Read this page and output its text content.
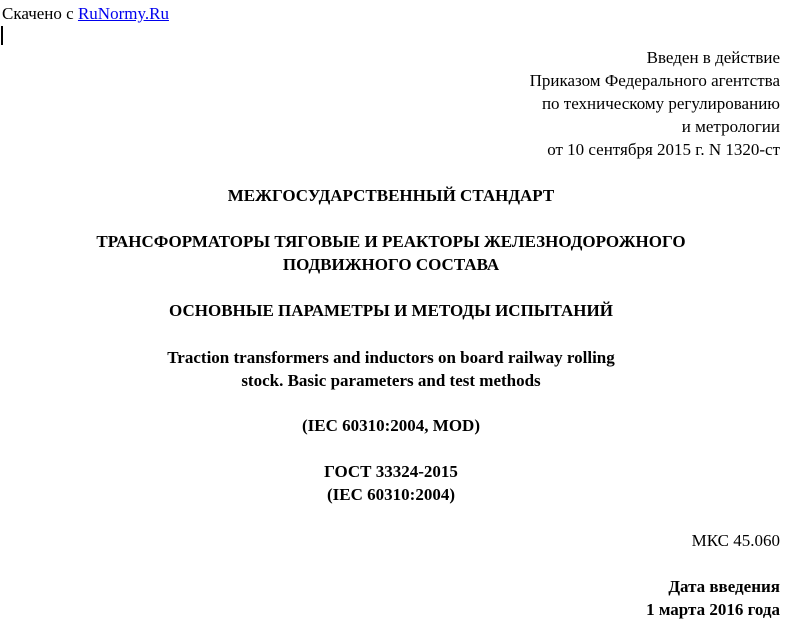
Скачено с RuNormy.Ru
Введен в действие
Приказом Федерального агентства
по техническому регулированию
и метрологии
от 10 сентября 2015 г. N 1320-ст
МЕЖГОСУДАРСТВЕННЫЙ СТАНДАРТ
ТРАНСФОРМАТОРЫ ТЯГОВЫЕ И РЕАКТОРЫ ЖЕЛЕЗНОДОРОЖНОГО
ПОДВИЖНОГО СОСТАВА
ОСНОВНЫЕ ПАРАМЕТРЫ И МЕТОДЫ ИСПЫТАНИЙ
Traction transformers and inductors on board railway rolling
stock. Basic parameters and test methods
(IEC 60310:2004, MOD)
ГОСТ 33324-2015
(IEC 60310:2004)
МКС 45.060
Дата введения
1 марта 2016 года
